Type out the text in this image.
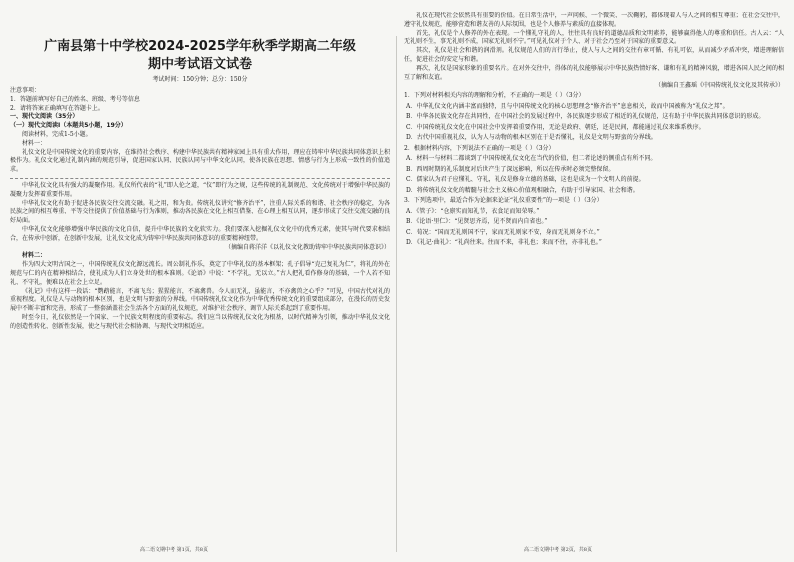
广南县第十中学校2024-2025学年秋季学期高二年级
期中考试语文试卷
考试时间：150分钟；总分：150分

注意事项：

1．答题前填写好自己的姓名、班级、考号等信息

2．请将答案正确填写在答题卡上。

一、现代文阅读（35分）

（一）现代文阅读Ⅰ（本题共5小题，19分）

阅读材料，完成1-5小题。

材料一：

礼仪文化是中国传统文化的重要内容，在维持社会秩序、构建中华民族共有精神家园上具有重大作用，理应在铸牢中华民族共同体意识上积极作为。礼仪文化通过礼制内涵的规范引导，促进国家认同、民族认同与中华文化认同，使各民族在思想、情感与行为上形成一致性的价值追求。

中华礼仪文化具有强大的凝聚作用。礼仪所代表的“礼”即人伦之道，“仪”即行为之规，这些传统的礼制规范、文化传统对于增强中华民族的凝聚力发挥着重要作用。

中华礼仪文化有助于促进各民族交往交流交融。礼之用，和为贵。传统礼仪讲究“修齐治平”，注重人际关系的和谐、社会秩序的稳定，为各民族之间的相互尊重、平等交往提供了价值基础与行为准则，推动各民族在文化上相互借鉴、在心理上相互认同，逐步形成了交往交流交融的良好局面。

中华礼仪文化能够增强中华民族的文化自信，提升中华民族的文化软实力。我们要深入挖掘礼仪文化中的优秀元素，使其与时代要求相结合，在传承中创新，在创新中发展，让礼仪文化成为铸牢中华民族共同体意识的重要精神纽带。

（摘编自蒋洋洋《以礼仪文化教助铸牢中华民族共同体意识》）

材料二：

作为四大文明古国之一，中国传统礼仪文化源远流长。周公制礼作乐，奠定了中华礼仪的基本框架；孔子倡导“克己复礼为仁”，将礼的外在规范与仁的内在精神相结合，使礼成为人们立身处世的根本准则。《论语》中说：“不学礼，无以立。”古人把礼看作修身的基础，一个人若不知礼、不守礼，便难以在社会上立足。

《礼记》中有这样一段话：“鹦鹉能言，不离飞鸟；猩猩能言，不离禽兽。今人而无礼，虽能言，不亦禽兽之心乎？”可见，中国古代对礼的重视程度。礼仪是人与动物的根本区别，也是文明与野蛮的分界线。中国传统礼仪文化作为中华优秀传统文化的重要组成部分，在漫长的历史发展中不断丰富和完善，形成了一整套涵盖社会生活各个方面的礼仪规范，对维护社会秩序、调节人际关系起到了重要作用。

时至今日，礼仪依然是一个国家、一个民族文明程度的重要标志。我们应当以传统礼仪文化为根基，以时代精神为引领，推动中华礼仪文化的创造性转化、创新性发展，使之与现代社会相协调、与现代文明相适应。

高二语文期中考 第1页，共8页

礼仪在现代社会依然具有重要的价值。在日常生活中，一声问候、一个微笑、一次鞠躬，都体现着人与人之间的相互尊重；在社会交往中，遵守礼仪规范，能够营造和谐友善的人际氛围，也是个人修养与素质的直接体现。

首先，礼仪是个人修养的外在表现。一个懂礼守礼的人，往往具有良好的道德品质和文明素养，能够赢得他人的尊重和信任。古人云：“人无礼则不生，事无礼则不成，国家无礼则不宁。”可见礼仪对于个人、对于社会乃至对于国家的重要意义。

其次，礼仪是社会和谐的润滑剂。礼仪规范人们的言行举止，使人与人之间的交往有章可循、有礼可依，从而减少矛盾冲突，增进理解信任，促进社会的安定与和谐。

再次，礼仪是国家形象的重要名片。在对外交往中，得体的礼仪能够展示中华民族热情好客、谦和有礼的精神风貌，增进各国人民之间的相互了解和友谊。

（摘编自王鑫瑶《中国传统礼仪文化及其传承》）

1．下列对材料相关内容的理解和分析，不正确的一项是（ ）（3分）

A．中华礼仪文化内涵丰富而独特，且与中国传统文化的核心思想理念“修齐治平”息息相关，故而中国被称为“礼仪之邦”。

B．中华各民族文化存在共同性，在中国社会的发展过程中，各民族逐步形成了相近的礼仪规范，这有助于中华民族共同体意识的形成。

C．中国传统礼仪文化在中国社会中发挥着重要作用，无论是政府、朝廷，还是民间，都能通过礼仪来维系秩序。

D．古代中国重视礼仪，认为人与动物的根本区别在于是否懂礼，礼仪是文明与野蛮的分界线。

2．根据材料内容，下列说法不正确的一项是（ ）（3分）

A．材料一与材料二都谈到了中国传统礼仪文化在当代的价值，但二者论述的侧重点有所不同。

B．西周时期的礼乐制度对后世产生了深远影响，所以在传承时必须完整保留。

C．儒家认为君子应懂礼、守礼，礼仪是修身立德的基础，这也是成为一个文明人的前提。

D．将传统礼仪文化的精髓与社会主义核心价值观相融合，有助于引导家国、社会和谐。

3．下列选项中，最适合作为论据来论证“礼仪重要性”的一项是（ ）（3分）

A．《管子》：“仓廪实而知礼节，衣食足而知荣辱。”

B．《论语·里仁》：“见贤思齐焉，见不贤而内自省也。”

C．荀况：“国而无礼则国不宁，家而无礼则家不安，身而无礼则身不立。”

D．《礼记·曲礼》：“礼尚往来。往而不来，非礼也；来而不往，亦非礼也。”

高二语文期中考 第2页，共8页
